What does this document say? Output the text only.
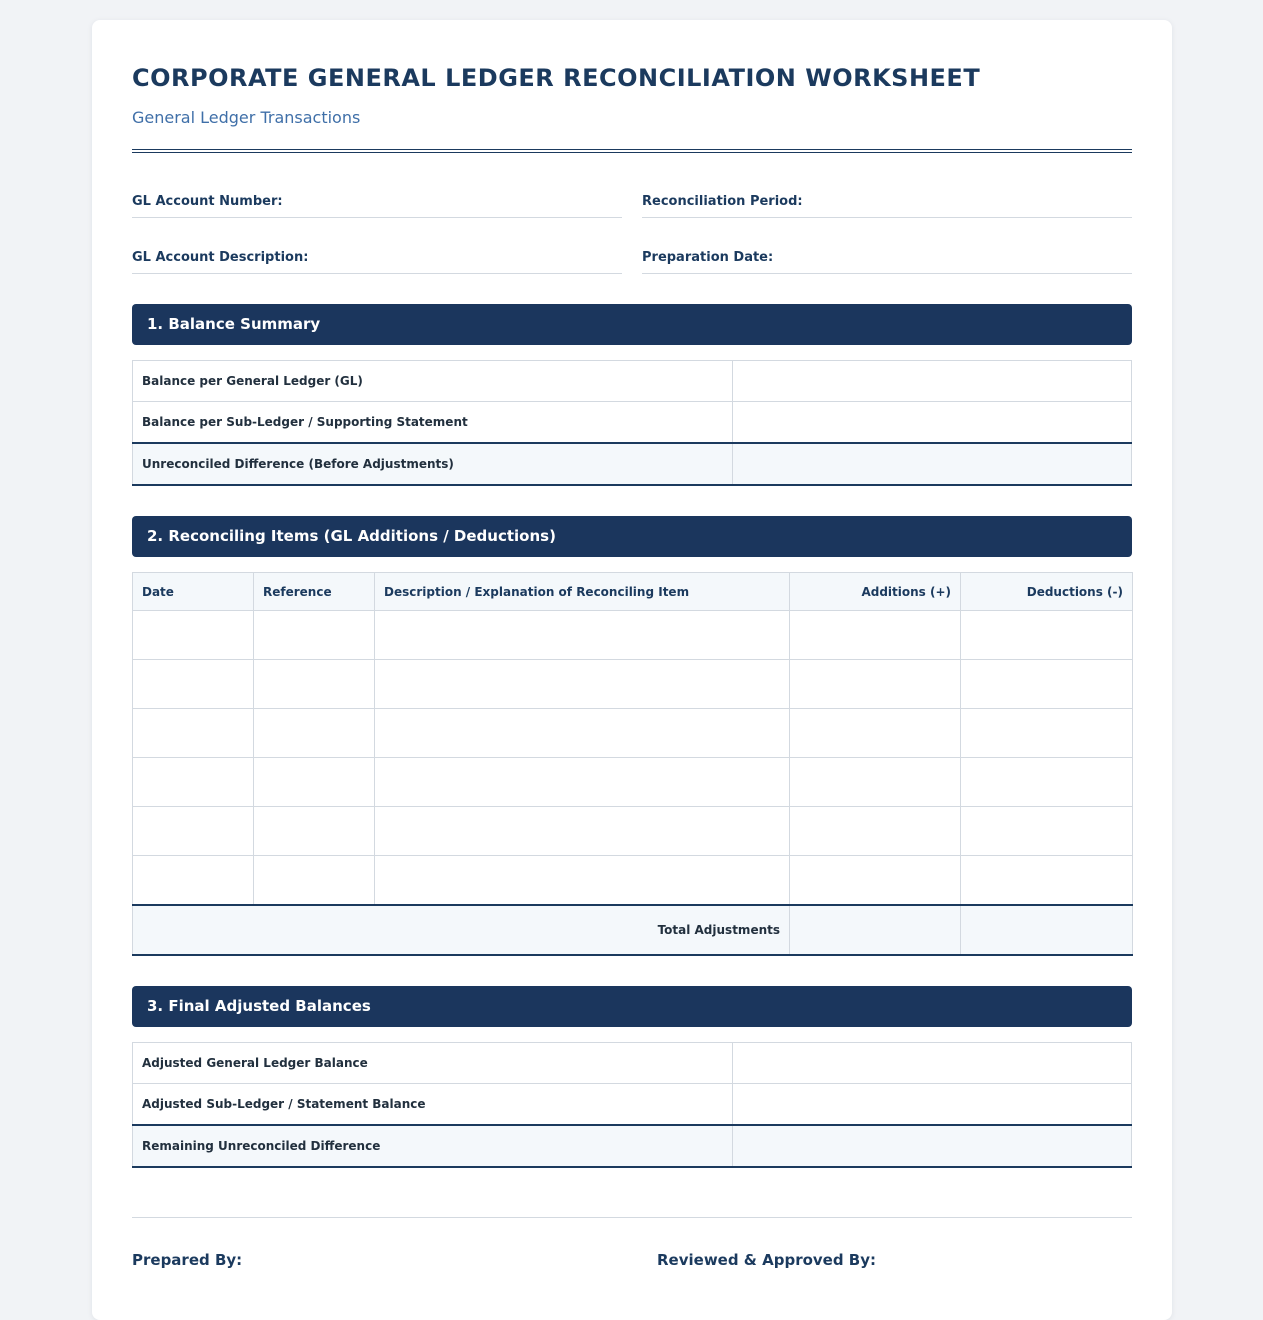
CORPORATE GENERAL LEDGER RECONCILIATION WORKSHEET
General Ledger Transactions
GL Account Number:	Reconciliation Period:
GL Account Description:	Preparation Date:
1. Balance Summary
Balance per General Ledger (GL)	
Balance per Sub-Ledger / Supporting Statement	
Unreconciled Difference (Before Adjustments)	
2. Reconciling Items (GL Additions / Deductions)
Date	Reference	Description / Explanation of Reconciling Item	Additions (+)	Deductions (-)

Total Adjustments				
3. Final Adjusted Balances
Adjusted General Ledger Balance	
Adjusted Sub-Ledger / Statement Balance	
Remaining Unreconciled Difference	
Prepared By:	Reviewed & Approved By:
